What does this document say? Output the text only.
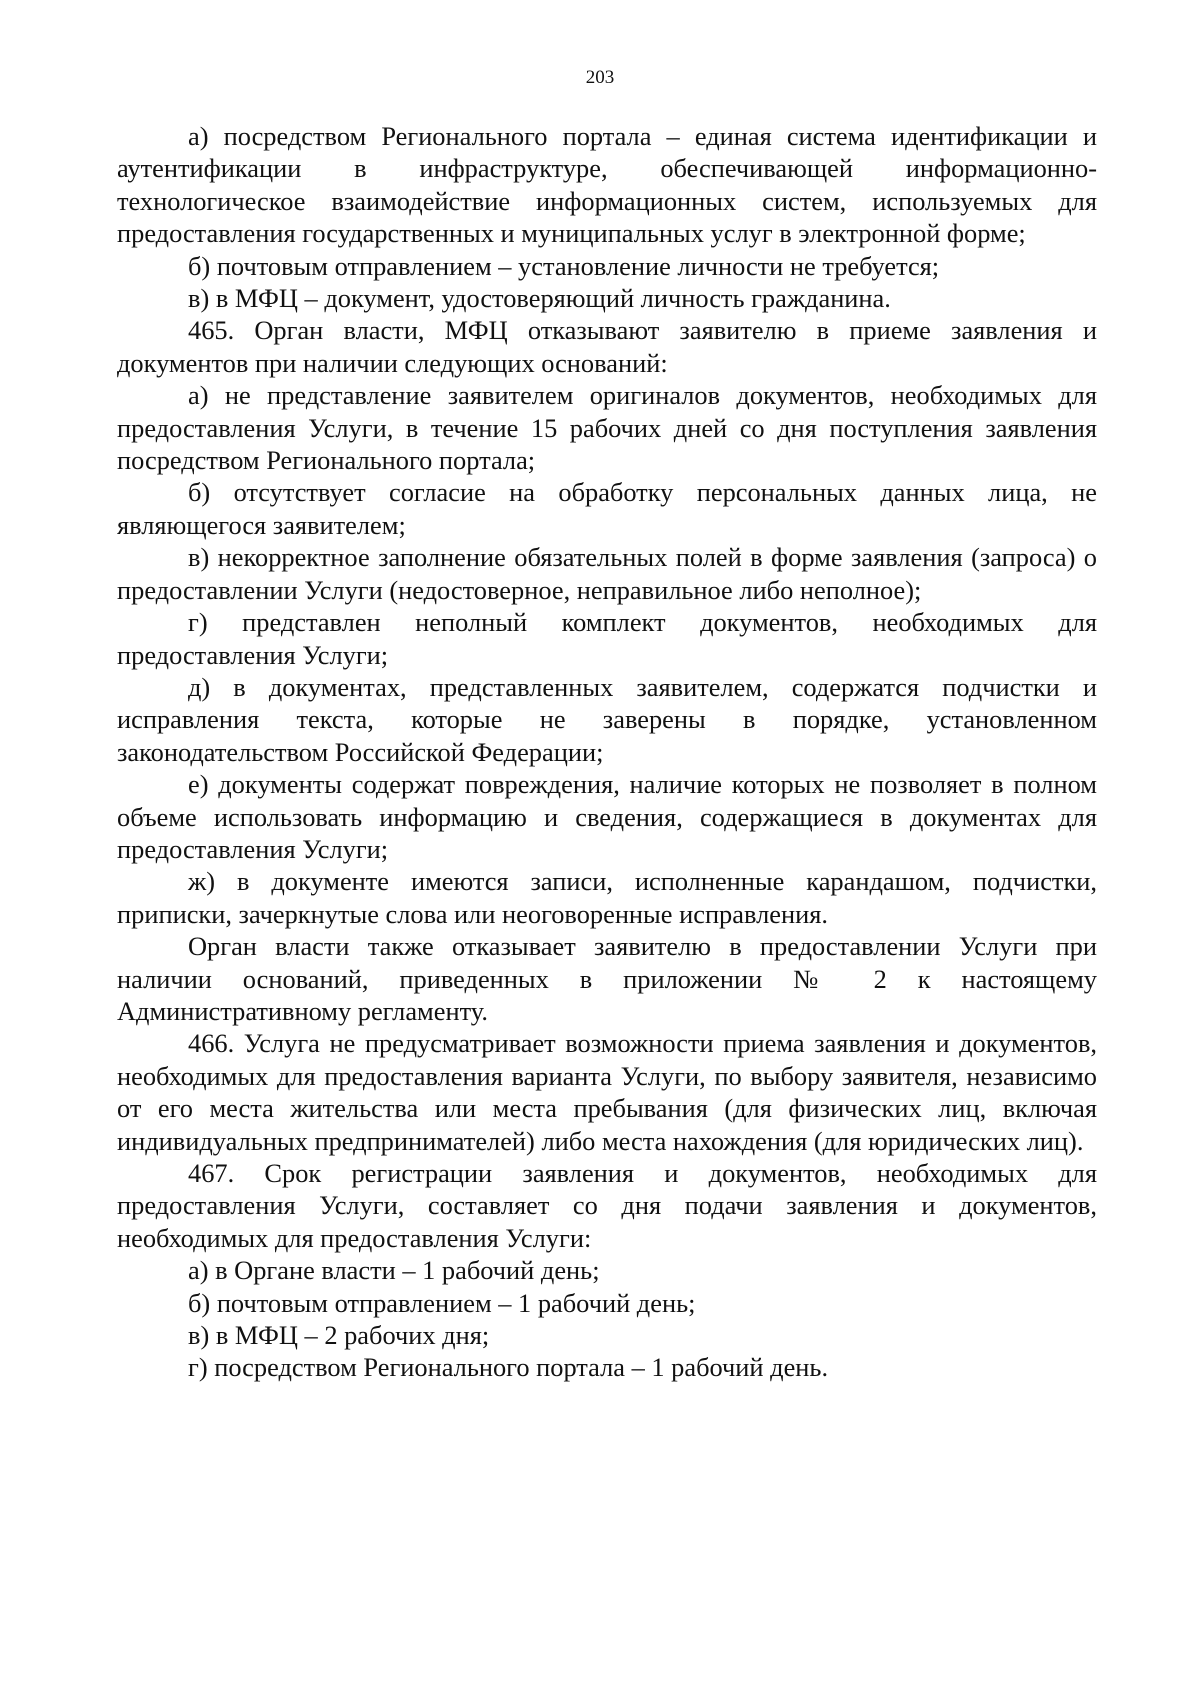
203

а) посредством Регионального портала – единая система идентификации и аутентификации в инфраструктуре, обеспечивающей информационно-технологическое взаимодействие информационных систем, используемых для предоставления государственных и муниципальных услуг в электронной форме;

б) почтовым отправлением – установление личности не требуется;

в) в МФЦ – документ, удостоверяющий личность гражданина.

465. Орган власти, МФЦ отказывают заявителю в приеме заявления и документов при наличии следующих оснований:

а) не представление заявителем оригиналов документов, необходимых для предоставления Услуги, в течение 15 рабочих дней со дня поступления заявления посредством Регионального портала;

б) отсутствует согласие на обработку персональных данных лица, не являющегося заявителем;

в) некорректное заполнение обязательных полей в форме заявления (запроса) о предоставлении Услуги (недостоверное, неправильное либо неполное);

г) представлен неполный комплект документов, необходимых для предоставления Услуги;

д) в документах, представленных заявителем, содержатся подчистки и исправления текста, которые не заверены в порядке, установленном законодательством Российской Федерации;

е) документы содержат повреждения, наличие которых не позволяет в полном объеме использовать информацию и сведения, содержащиеся в документах для предоставления Услуги;

ж) в документе имеются записи, исполненные карандашом, подчистки, приписки, зачеркнутые слова или неоговоренные исправления.

Орган власти также отказывает заявителю в предоставлении Услуги при наличии оснований, приведенных в приложении № 2 к настоящему Административному регламенту.

466. Услуга не предусматривает возможности приема заявления и документов, необходимых для предоставления варианта Услуги, по выбору заявителя, независимо от его места жительства или места пребывания (для физических лиц, включая индивидуальных предпринимателей) либо места нахождения (для юридических лиц).

467. Срок регистрации заявления и документов, необходимых для предоставления Услуги, составляет со дня подачи заявления и документов, необходимых для предоставления Услуги:

а) в Органе власти – 1 рабочий день;

б) почтовым отправлением – 1 рабочий день;

в) в МФЦ – 2 рабочих дня;

г) посредством Регионального портала – 1 рабочий день.
